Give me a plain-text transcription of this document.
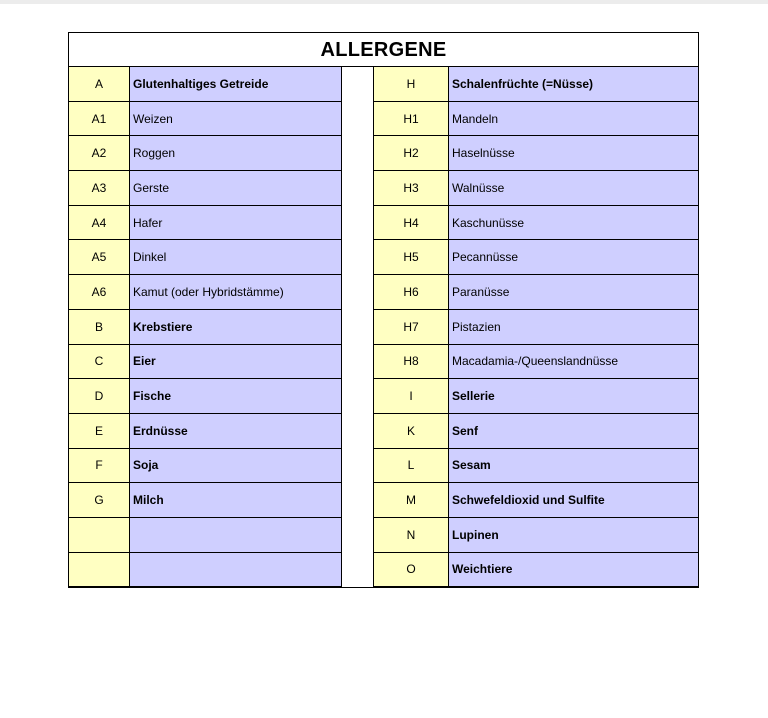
ALLERGENE
A	Glutenhaltiges Getreide
A1	Weizen
A2	Roggen
A3	Gerste
A4	Hafer
A5	Dinkel
A6	Kamut (oder Hybridstämme)
B	Krebstiere
C	Eier
D	Fische
E	Erdnüsse
F	Soja
G	Milch
H	Schalenfrüchte (=Nüsse)
H1	Mandeln
H2	Haselnüsse
H3	Walnüsse
H4	Kaschunüsse
H5	Pecannüsse
H6	Paranüsse
H7	Pistazien
H8	Macadamia-/Queenslandnüsse
I	Sellerie
K	Senf
L	Sesam
M	Schwefeldioxid und Sulfite
N	Lupinen
O	Weichtiere
